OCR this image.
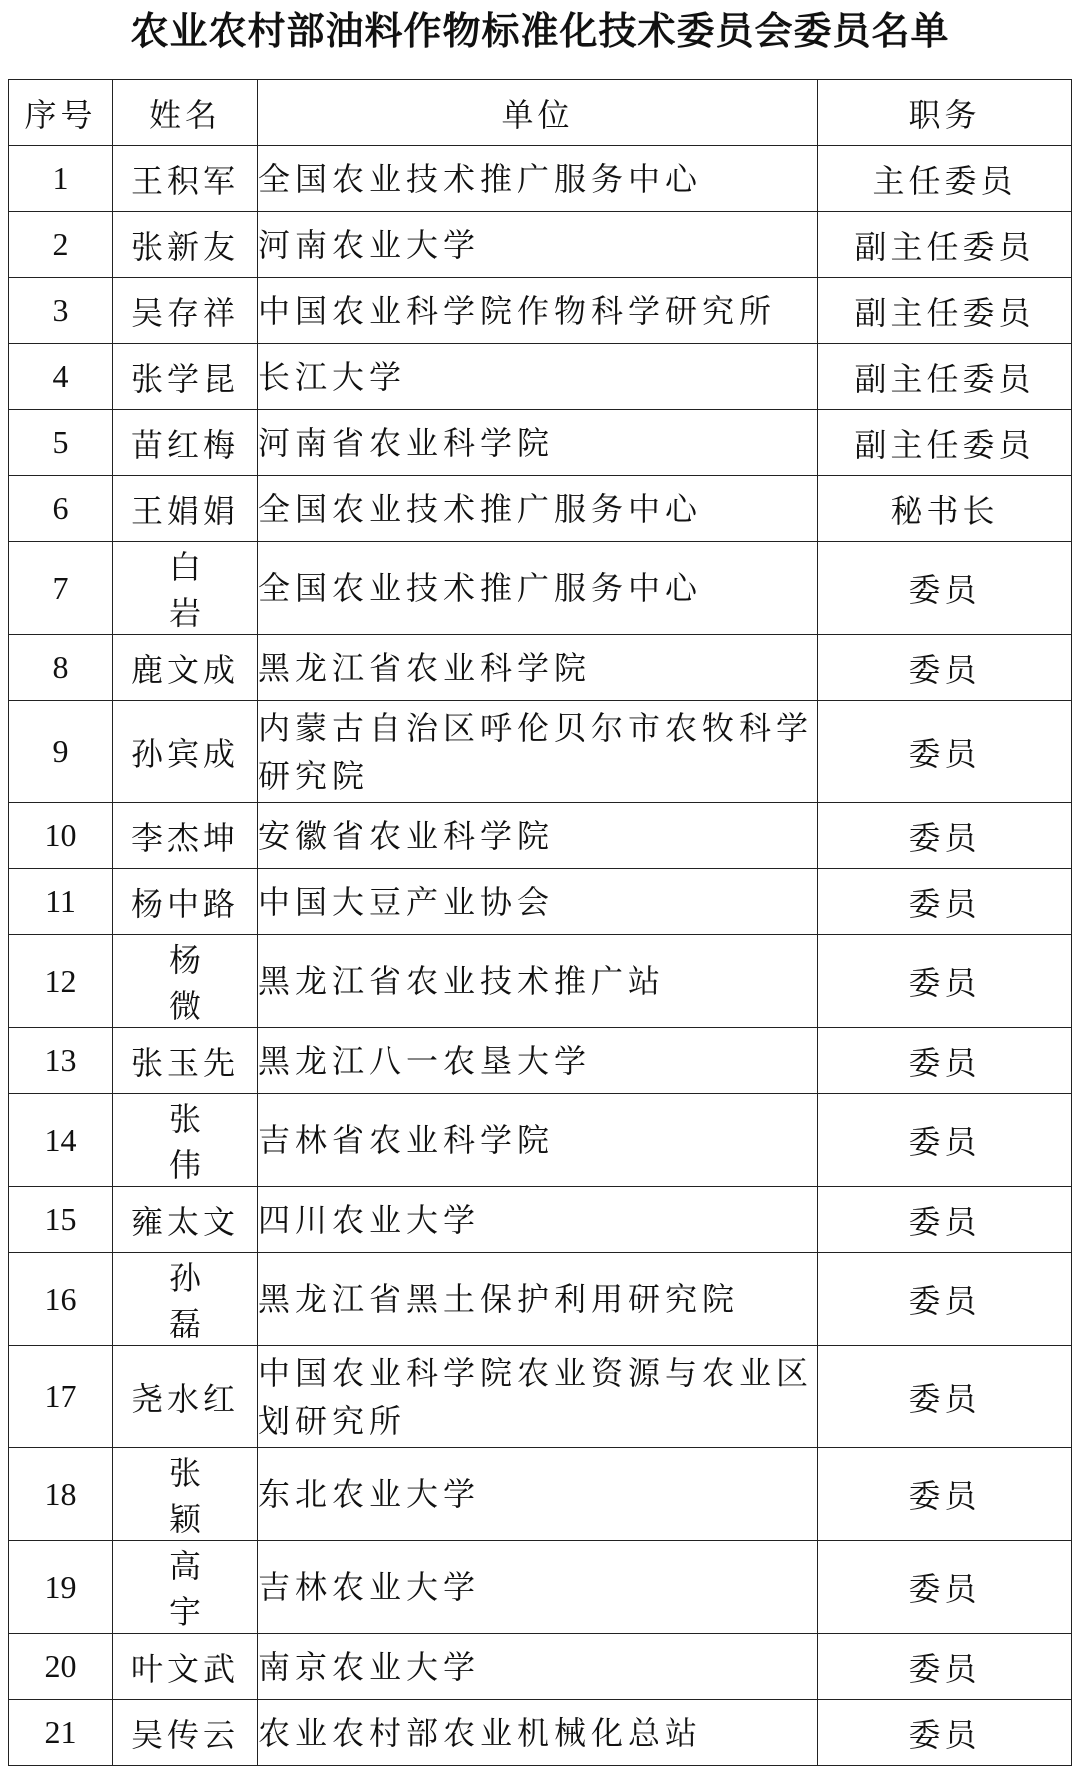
农业农村部油料作物标准化技术委员会委员名单
序号	姓名	单位	职务
1	王积军	全国农业技术推广服务中心	主任委员
2	张新友	河南农业大学	副主任委员
3	吴存祥	中国农业科学院作物科学研究所	副主任委员
4	张学昆	长江大学	副主任委员
5	苗红梅	河南省农业科学院	副主任委员
6	王娟娟	全国农业技术推广服务中心	秘书长
7	白岩	全国农业技术推广服务中心	委员
8	鹿文成	黑龙江省农业科学院	委员
9	孙宾成	内蒙古自治区呼伦贝尔市农牧科学研究院	委员
10	李杰坤	安徽省农业科学院	委员
11	杨中路	中国大豆产业协会	委员
12	杨微	黑龙江省农业技术推广站	委员
13	张玉先	黑龙江八一农垦大学	委员
14	张伟	吉林省农业科学院	委员
15	雍太文	四川农业大学	委员
16	孙磊	黑龙江省黑土保护利用研究院	委员
17	尧水红	中国农业科学院农业资源与农业区划研究所	委员
18	张颖	东北农业大学	委员
19	高宇	吉林农业大学	委员
20	叶文武	南京农业大学	委员
21	吴传云	农业农村部农业机械化总站	委员
